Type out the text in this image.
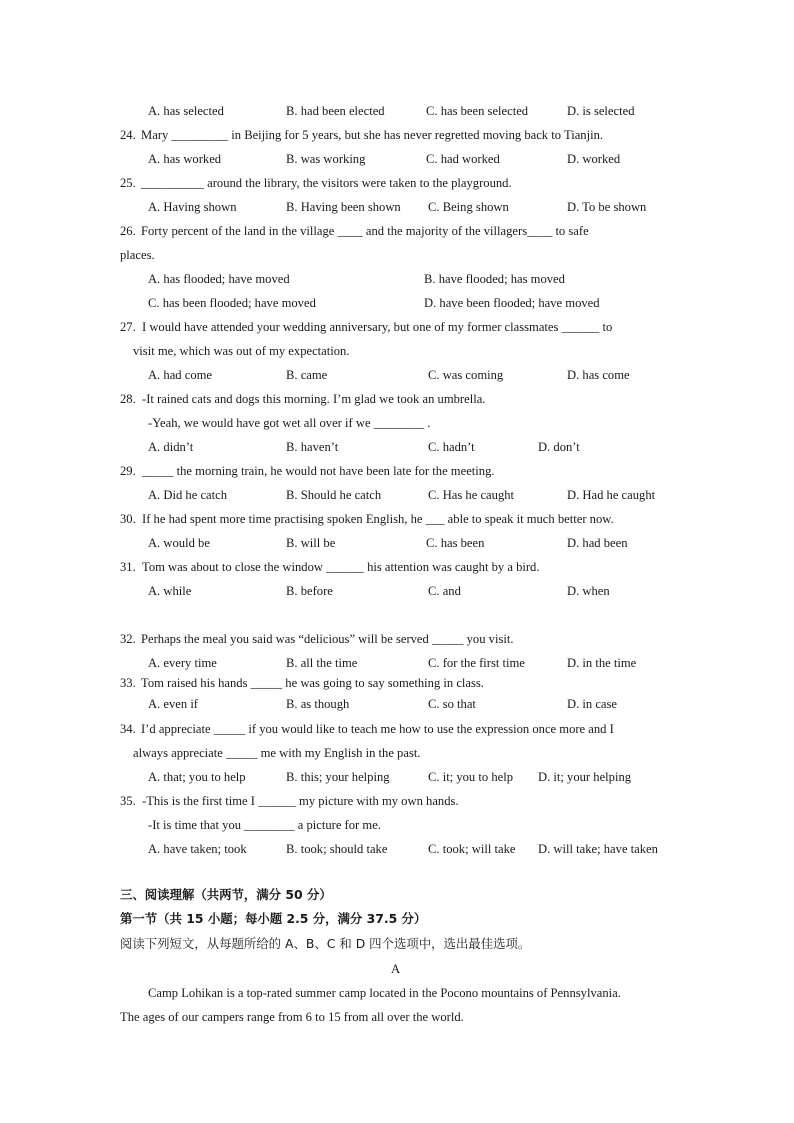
A. has selected	B. had been elected	C. has been selected	D. is selected
24. Mary _________ in Beijing for 5 years, but she has never regretted moving back to Tianjin.
A. has worked	B. was working	C. had worked	D. worked
25. __________ around the library, the visitors were taken to the playground.
A. Having shown	B. Having been shown C. Being shown	D. To be shown
26. Forty percent of the land in the village ____ and the majority of the villagers____ to safe
places.
A. has flooded; have moved	B. have flooded; has moved
C. has been flooded; have moved	D. have been flooded; have moved
27. I would have attended your wedding anniversary, but one of my former classmates ______ to
visit me, which was out of my expectation.
A. had come	B. came	C. was coming	D. has come
28. -It rained cats and dogs this morning. I’m glad we took an umbrella.
-Yeah, we would have got wet all over if we ________ .
A. didn’t	B. haven’t	C. hadn’t	D. don’t
29. _____ the morning train, he would not have been late for the meeting.
A. Did he catch	B. Should he catch	C. Has he caught	D. Had he caught
30. If he had spent more time practising spoken English, he ___ able to speak it much better now.
A. would be	B. will be	C. has been	D. had been
31. Tom was about to close the window ______ his attention was caught by a bird.
A. while	B. before	C. and	D. when
32. Perhaps the meal you said was “delicious” will be served _____ you visit.
A. every time	B. all the time	C. for the first time	D. in the time
33. Tom raised his hands _____ he was going to say something in class.
A. even if	B. as though	C. so that	D. in case
34. I’d appreciate _____ if you would like to teach me how to use the expression once more and I
always appreciate _____ me with my English in the past.
A. that; you to help	B. this; your helping	C. it; you to help D. it; your helping
35. -This is the first time I ______ my picture with my own hands.
-It is time that you ________ a picture for me.
A. have taken; took	B. took; should take	C. took; will take D. will take; have taken
三、阅读理解（共两节，满分 50 分）
第一节（共 15 小题；每小题 2.5 分，满分 37.5 分）
阅读下列短文，从每题所给的 A、B、C 和 D 四个选项中，选出最佳选项。
A
Camp Lohikan is a top-rated summer camp located in the Pocono mountains of Pennsylvania.
The ages of our campers range from 6 to 15 from all over the world.
